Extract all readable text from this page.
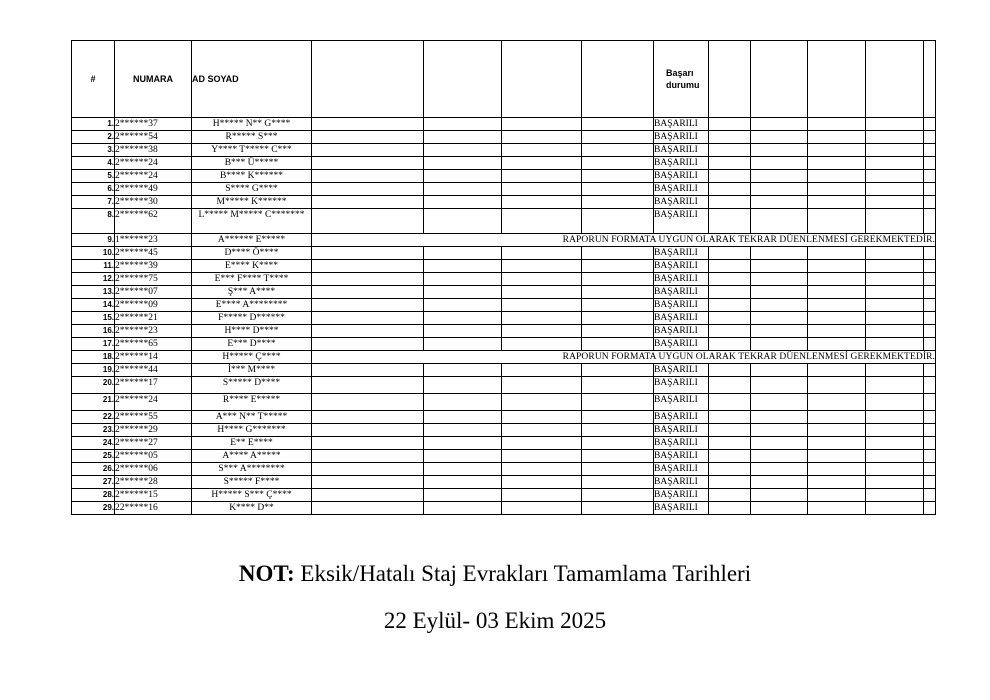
#	NUMARA	AD SOYAD					Başarı
durumu					
1.	2******37	H***** N** G****					BAŞARILI					
2.	2******54	R***** S***					BAŞARILI					
3.	2******38	Y**** T***** C***					BAŞARILI					
4.	2******24	B*** Ü*****					BAŞARILI					
5.	2******24	B**** K******					BAŞARILI					
6.	2******49	S**** G****					BAŞARILI					
7.	2******30	M***** K******					BAŞARILI					
8.	2******62	L***** M***** C*******					BAŞARILI					
9.	1******23	A****** E*****	RAPORUN FORMATA UYGUN OLARAK TEKRAR DÜENLENMESİ GEREKMEKTEDİR.									
10.	2******45	D**** Ö****					BAŞARILI					
11.	2******39	E**** K****					BAŞARILI					
12.	2******75	E*** F**** T****					BAŞARILI					
13.	2******07	Ş*** A****					BAŞARILI					
14.	2******09	E**** A********					BAŞARILI					
15.	2******21	F***** D******					BAŞARILI					
16.	2******23	H**** D****					BAŞARILI					
17.	2******65	E*** D****					BAŞARILI					
18.	2******14	H***** Ç****	RAPORUN FORMATA UYGUN OLARAK TEKRAR DÜENLENMESİ GEREKMEKTEDİR.									
19.	2******44	İ*** M****					BAŞARILI					
20.	2******17	S***** D****					BAŞARILI					
21.	2******24	R**** E*****					BAŞARILI					
22.	2******55	A*** N** T*****					BAŞARILI					
23.	2******29	H**** G*******					BAŞARILI					
24.	2******27	E** E****					BAŞARILI					
25.	2******05	A**** A*****					BAŞARILI					
26.	2******06	S*** A********					BAŞARILI					
27.	2******28	S***** F****					BAŞARILI					
28.	2******15	H***** S*** Ç****					BAŞARILI					
29.	22*****16	K**** D**					BAŞARILI					
NOT: Eksik/Hatalı Staj Evrakları Tamamlama Tarihleri
22 Eylül- 03 Ekim 2025
